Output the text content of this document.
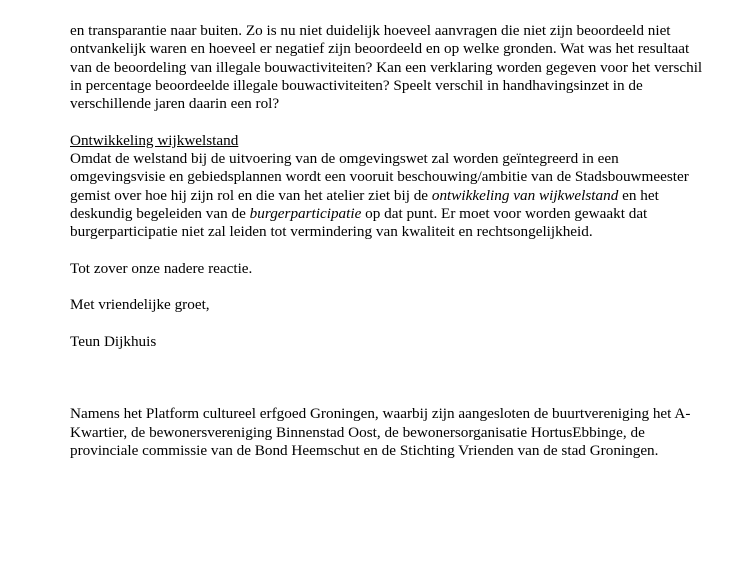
en transparantie naar buiten. Zo is nu niet duidelijk hoeveel aanvragen die niet zijn beoordeeld niet ontvankelijk waren en hoeveel er negatief zijn beoordeeld en op welke gronden. Wat was het resultaat van de beoordeling van illegale bouwactiviteiten? Kan een verklaring worden gegeven voor het verschil in percentage beoordeelde illegale bouwactiviteiten? Speelt verschil in handhavingsinzet in de verschillende jaren daarin een rol?

Ontwikkeling wijkwelstand

Omdat de welstand bij de uitvoering van de omgevingswet zal worden geïntegreerd in een omgevingsvisie en gebiedsplannen wordt een vooruit beschouwing/ambitie van de Stadsbouwmeester gemist over hoe hij zijn rol en die van het atelier ziet bij de ontwikkeling van wijkwelstand en het deskundig begeleiden van de burgerparticipatie op dat punt. Er moet voor worden gewaakt dat burgerparticipatie niet zal leiden tot vermindering van kwaliteit en rechtsongelijkheid.

Tot zover onze nadere reactie.

Met vriendelijke groet,

Teun Dijkhuis

Namens het Platform cultureel erfgoed Groningen, waarbij zijn aangesloten de buurtvereniging het A-Kwartier, de bewonersvereniging Binnenstad Oost, de bewonersorganisatie HortusEbbinge, de provinciale commissie van de Bond Heemschut en de Stichting Vrienden van de stad Groningen.
